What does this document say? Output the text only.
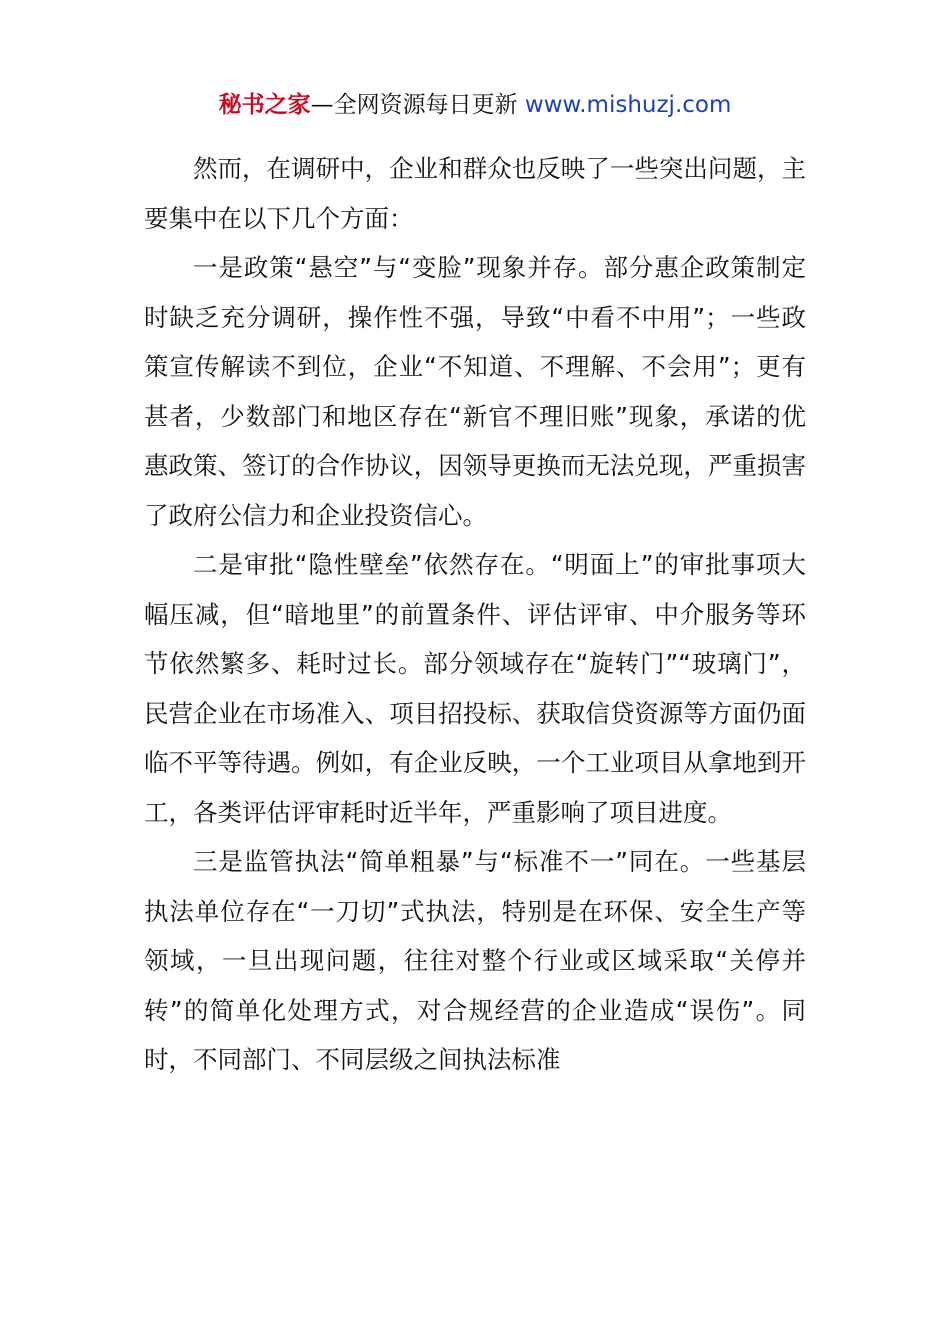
秘书之家—全网资源每日更新 www.mishuzj.com

然而，在调研中，企业和群众也反映了一些突出问题，主要集中在以下几个方面：

一是政策“悬空”与“变脸”现象并存。部分惠企政策制定时缺乏充分调研，操作性不强，导致“中看不中用”；一些政策宣传解读不到位，企业“不知道、不理解、不会用”；更有甚者，少数部门和地区存在“新官不理旧账”现象，承诺的优惠政策、签订的合作协议，因领导更换而无法兑现，严重损害了政府公信力和企业投资信心。

二是审批“隐性壁垒”依然存在。“明面上”的审批事项大幅压减，但“暗地里”的前置条件、评估评审、中介服务等环节依然繁多、耗时过长。部分领域存在“旋转门”“玻璃门”，民营企业在市场准入、项目招投标、获取信贷资源等方面仍面临不平等待遇。例如，有企业反映，一个工业项目从拿地到开工，各类评估评审耗时近半年，严重影响了项目进度。

三是监管执法“简单粗暴”与“标准不一”同在。一些基层执法单位存在“一刀切”式执法，特别是在环保、安全生产等领域，一旦出现问题，往往对整个行业或区域采取“关停并转”的简单化处理方式，对合规经营的企业造成“误伤”。同时，不同部门、不同层级之间执法标准
